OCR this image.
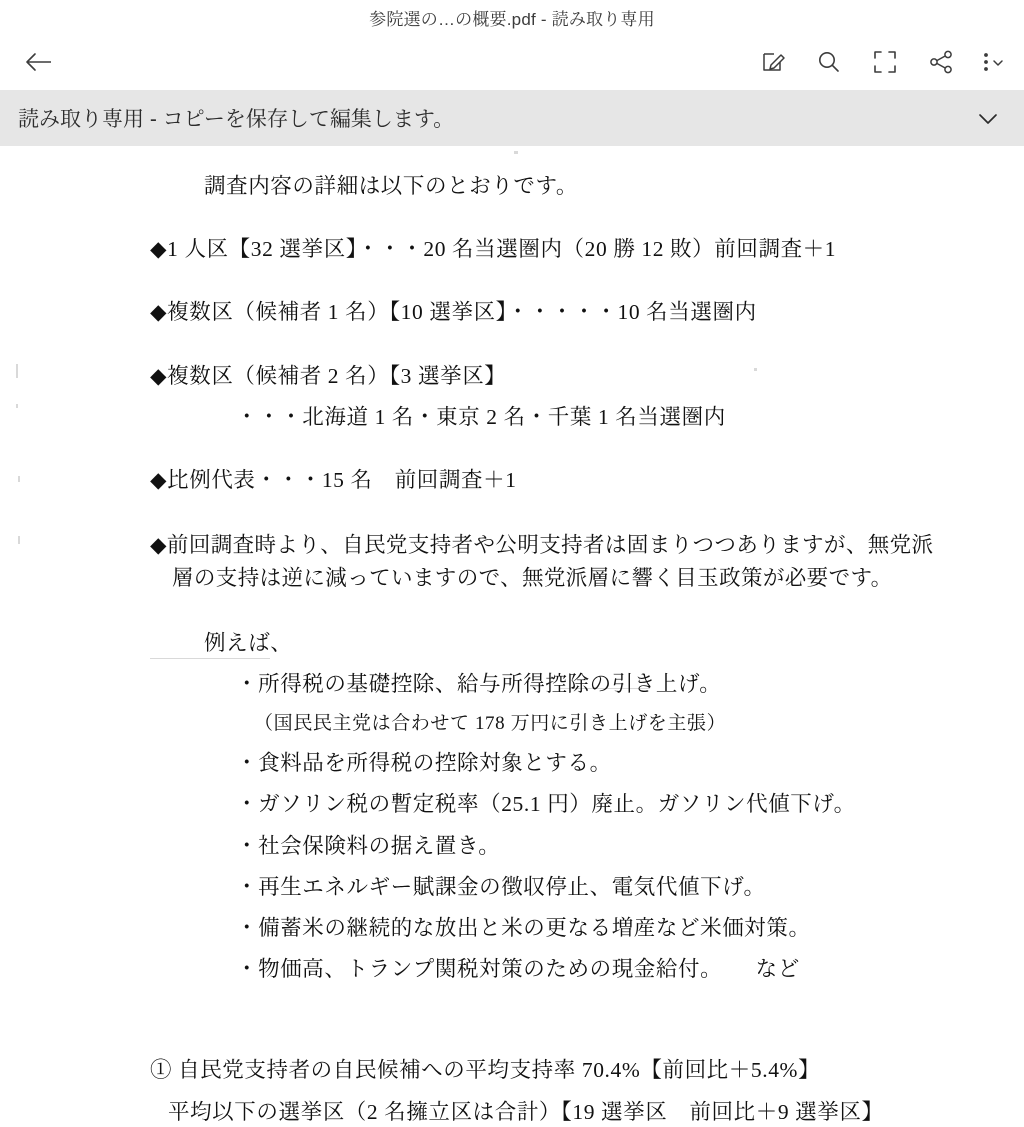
参院選の…の概要.pdf - 読み取り専用
読み取り専用 - コピーを保存して編集します。
調査内容の詳細は以下のとおりです。
◆1 人区【32 選挙区】・・・20 名当選圏内（20 勝 12 敗）前回調査＋1
◆複数区（候補者 1 名）【10 選挙区】・・・・・10 名当選圏内
◆複数区（候補者 2 名）【3 選挙区】
・・・北海道 1 名・東京 2 名・千葉 1 名当選圏内
◆比例代表・・・15 名　前回調査＋1
◆前回調査時より、自民党支持者や公明支持者は固まりつつありますが、無党派層の支持は逆に減っていますので、無党派層に響く目玉政策が必要です。
例えば、
・所得税の基礎控除、給与所得控除の引き上げ。
（国民民主党は合わせて 178 万円に引き上げを主張）
・食料品を所得税の控除対象とする。
・ガソリン税の暫定税率（25.1 円）廃止。ガソリン代値下げ。
・社会保険料の据え置き。
・再生エネルギー賦課金の徴収停止、電気代値下げ。
・備蓄米の継続的な放出と米の更なる増産など米価対策。
・物価高、トランプ関税対策のための現金給付。　　など
① 自民党支持者の自民候補への平均支持率 70.4%【前回比＋5.4%】
平均以下の選挙区（2 名擁立区は合計）【19 選挙区　前回比＋9 選挙区】
